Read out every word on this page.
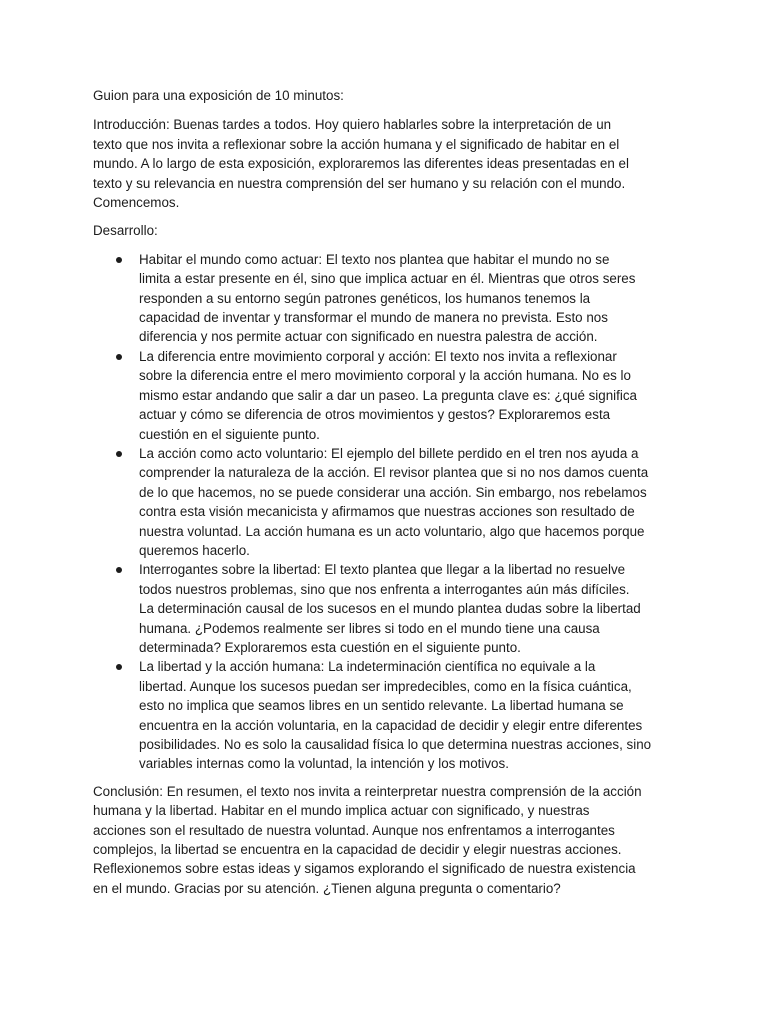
Guion para una exposición de 10 minutos:

Introducción: Buenas tardes a todos. Hoy quiero hablarles sobre la interpretación de un
texto que nos invita a reflexionar sobre la acción humana y el significado de habitar en el
mundo. A lo largo de esta exposición, exploraremos las diferentes ideas presentadas en el
texto y su relevancia en nuestra comprensión del ser humano y su relación con el mundo.
Comencemos.

Desarrollo:

Habitar el mundo como actuar: El texto nos plantea que habitar el mundo no se
limita a estar presente en él, sino que implica actuar en él. Mientras que otros seres
responden a su entorno según patrones genéticos, los humanos tenemos la
capacidad de inventar y transformar el mundo de manera no prevista. Esto nos
diferencia y nos permite actuar con significado en nuestra palestra de acción.

La diferencia entre movimiento corporal y acción: El texto nos invita a reflexionar
sobre la diferencia entre el mero movimiento corporal y la acción humana. No es lo
mismo estar andando que salir a dar un paseo. La pregunta clave es: ¿qué significa
actuar y cómo se diferencia de otros movimientos y gestos? Exploraremos esta
cuestión en el siguiente punto.

La acción como acto voluntario: El ejemplo del billete perdido en el tren nos ayuda a
comprender la naturaleza de la acción. El revisor plantea que si no nos damos cuenta
de lo que hacemos, no se puede considerar una acción. Sin embargo, nos rebelamos
contra esta visión mecanicista y afirmamos que nuestras acciones son resultado de
nuestra voluntad. La acción humana es un acto voluntario, algo que hacemos porque
queremos hacerlo.

Interrogantes sobre la libertad: El texto plantea que llegar a la libertad no resuelve
todos nuestros problemas, sino que nos enfrenta a interrogantes aún más difíciles.
La determinación causal de los sucesos en el mundo plantea dudas sobre la libertad
humana. ¿Podemos realmente ser libres si todo en el mundo tiene una causa
determinada? Exploraremos esta cuestión en el siguiente punto.

La libertad y la acción humana: La indeterminación científica no equivale a la
libertad. Aunque los sucesos puedan ser impredecibles, como en la física cuántica,
esto no implica que seamos libres en un sentido relevante. La libertad humana se
encuentra en la acción voluntaria, en la capacidad de decidir y elegir entre diferentes
posibilidades. No es solo la causalidad física lo que determina nuestras acciones, sino
variables internas como la voluntad, la intención y los motivos.

Conclusión: En resumen, el texto nos invita a reinterpretar nuestra comprensión de la acción
humana y la libertad. Habitar en el mundo implica actuar con significado, y nuestras
acciones son el resultado de nuestra voluntad. Aunque nos enfrentamos a interrogantes
complejos, la libertad se encuentra en la capacidad de decidir y elegir nuestras acciones.
Reflexionemos sobre estas ideas y sigamos explorando el significado de nuestra existencia
en el mundo. Gracias por su atención. ¿Tienen alguna pregunta o comentario?
